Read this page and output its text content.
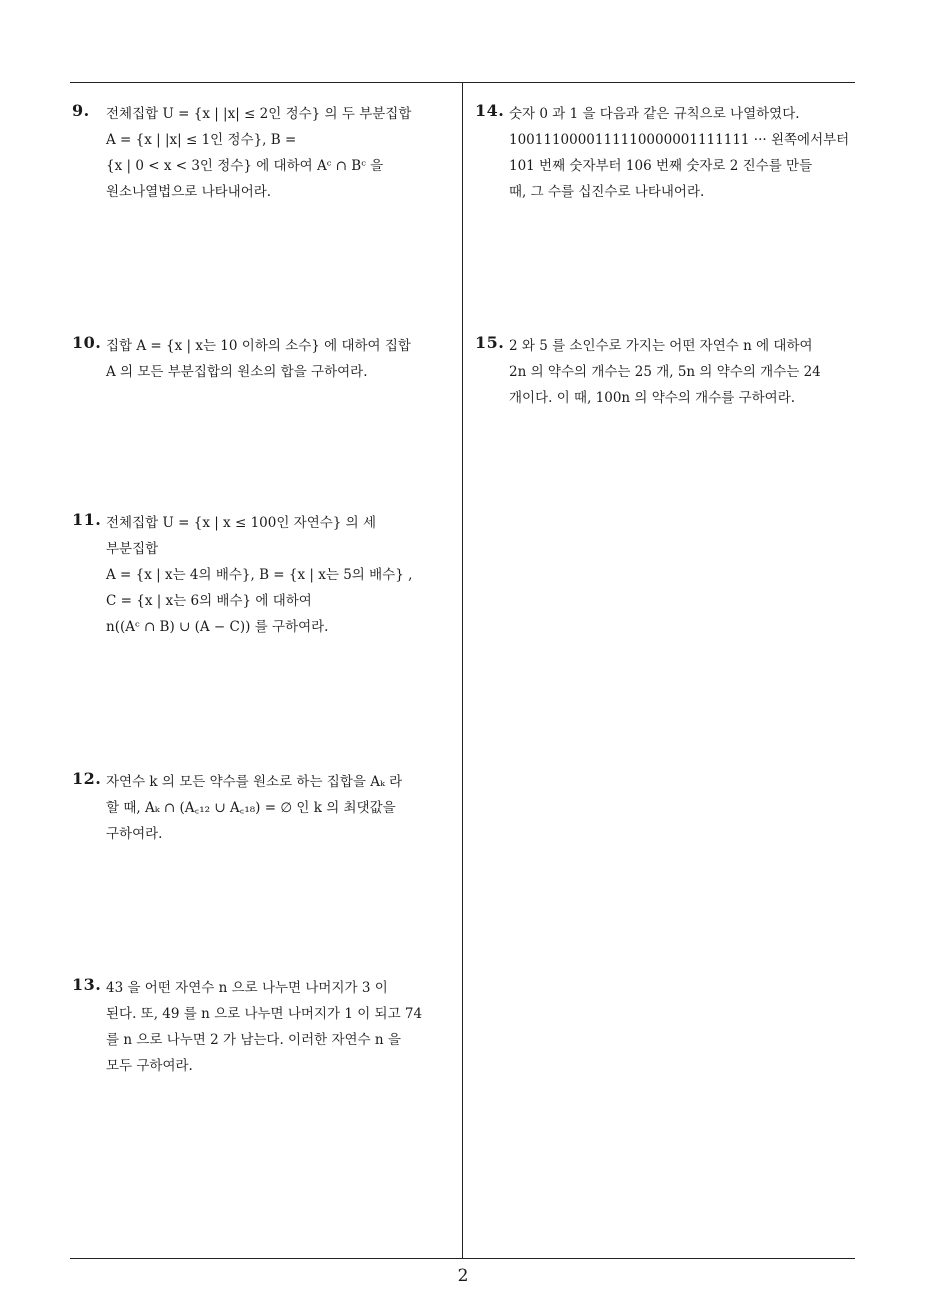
9. 전체집합 U = {x | |x| ≤ 2인 정수} 의 두 부분집합
A = {x | |x| ≤ 1인 정수}, B =
{x | 0 < x < 3인 정수} 에 대하여 Aᶜ ∩ Bᶜ 을
원소나열법으로 나타내어라.
10. 집합 A = {x | x는 10 이하의 소수} 에 대하여 집합
A 의 모든 부분집합의 원소의 합을 구하여라.
11. 전체집합 U = {x | x ≤ 100인 자연수} 의 세
부분집합
A = {x | x는 4의 배수}, B = {x | x는 5의 배수} ,
C = {x | x는 6의 배수} 에 대하여
n((Aᶜ ∩ B) ∪ (A − C)) 를 구하여라.
12. 자연수 k 의 모든 약수를 원소로 하는 집합을 Aₖ 라
할 때, Aₖ ∩ (A꜀₁₂ ∪ A꜀₁₈) = ∅ 인 k 의 최댓값을
구하여라.
13. 43 을 어떤 자연수 n 으로 나누면 나머지가 3 이
된다. 또, 49 를 n 으로 나누면 나머지가 1 이 되고 74
를 n 으로 나누면 2 가 남는다. 이러한 자연수 n 을
모두 구하여라.
14. 숫자 0 과 1 을 다음과 같은 규칙으로 나열하였다.
1001110000111110000001111111 ··· 왼쪽에서부터
101 번째 숫자부터 106 번째 숫자로 2 진수를 만들
때, 그 수를 십진수로 나타내어라.
15. 2 와 5 를 소인수로 가지는 어떤 자연수 n 에 대하여
2n 의 약수의 개수는 25 개, 5n 의 약수의 개수는 24
개이다. 이 때, 100n 의 약수의 개수를 구하여라.
2
